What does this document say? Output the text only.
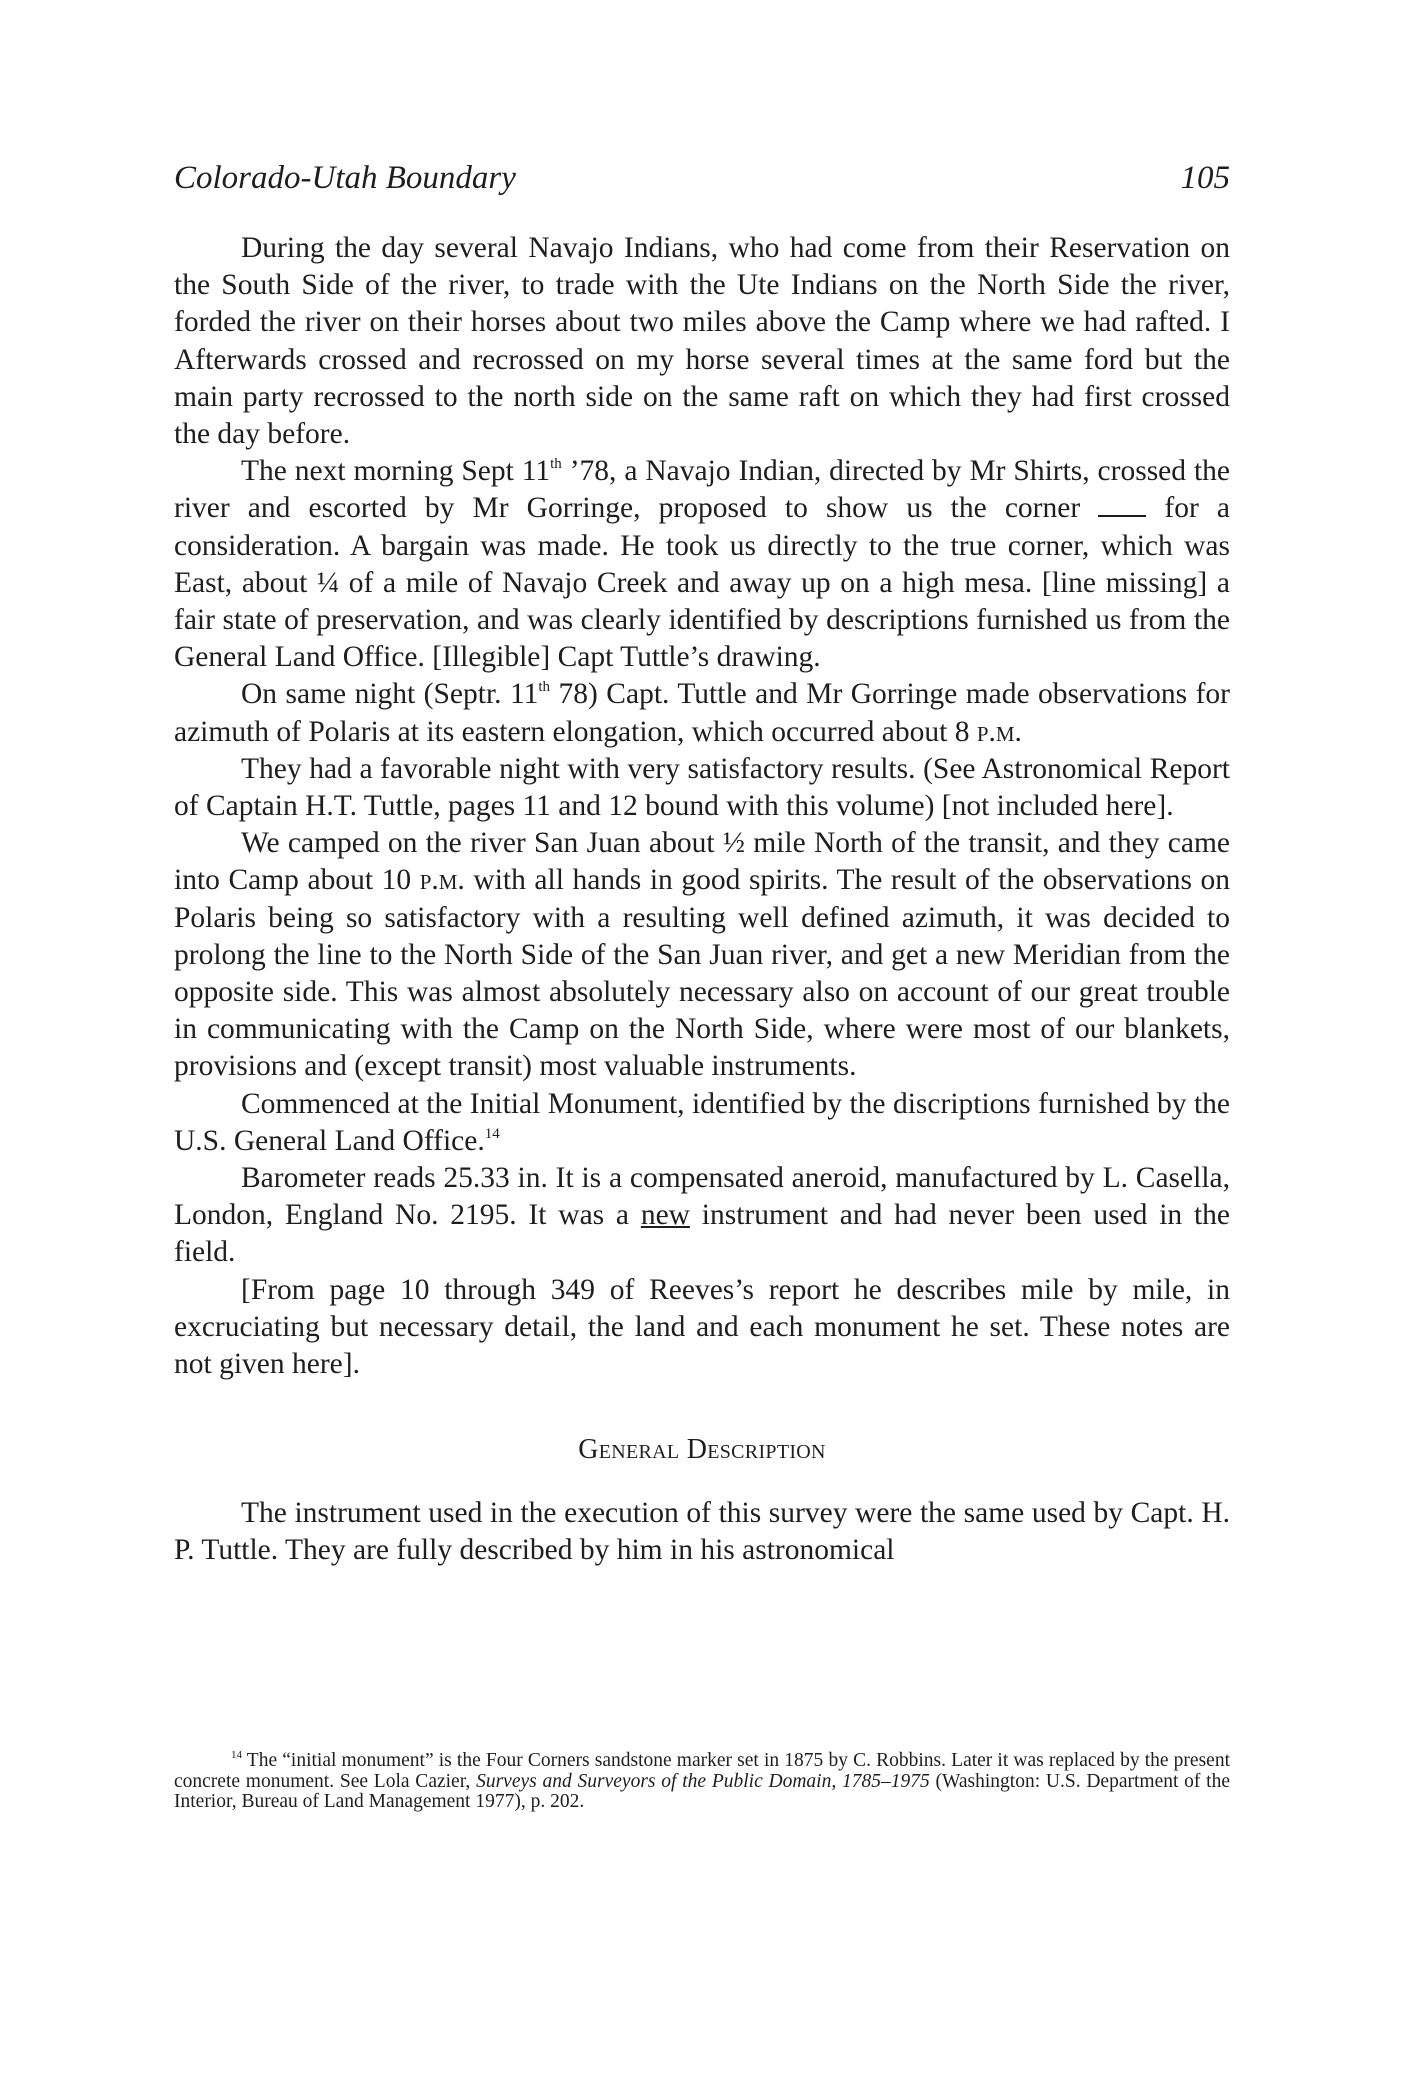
Colorado-Utah Boundary	105

During the day several Navajo Indians, who had come from their Reservation on the South Side of the river, to trade with the Ute Indians on the North Side the river, forded the river on their horses about two miles above the Camp where we had rafted. I Afterwards crossed and recrossed on my horse several times at the same ford but the main party recrossed to the north side on the same raft on which they had first crossed the day before.

The next morning Sept 11th ’78, a Navajo Indian, directed by Mr Shirts, crossed the river and escorted by Mr Gorringe, proposed to show us the corner  for a consideration. A bargain was made. He took us directly to the true corner, which was East, about ¼ of a mile of Navajo Creek and away up on a high mesa. [line missing] a fair state of preservation, and was clearly identified by descriptions furnished us from the General Land Office. [Illegible] Capt Tuttle’s drawing.

On same night (Septr. 11th 78) Capt. Tuttle and Mr Gorringe made observations for azimuth of Polaris at its eastern elongation, which occurred about 8 p.m.

They had a favorable night with very satisfactory results. (See Astronomical Report of Captain H.T. Tuttle, pages 11 and 12 bound with this volume) [not included here].

We camped on the river San Juan about ½ mile North of the transit, and they came into Camp about 10 p.m. with all hands in good spirits. The result of the observations on Polaris being so satisfactory with a resulting well defined azimuth, it was decided to prolong the line to the North Side of the San Juan river, and get a new Meridian from the opposite side. This was almost absolutely necessary also on account of our great trouble in communicating with the Camp on the North Side, where were most of our blankets, provisions and (except transit) most valuable instruments.

Commenced at the Initial Monument, identified by the discriptions furnished by the U.S. General Land Office.$^{14}$

Barometer reads 25.33 in. It is a compensated aneroid, manufactured by L. Casella, London, England No. 2195. It was a new instrument and had never been used in the field.

[From page 10 through 349 of Reeves’s report he describes mile by mile, in excruciating but necessary detail, the land and each monument he set. These notes are not given here].

General Description

The instrument used in the execution of this survey were the same used by Capt. H. P. Tuttle. They are fully described by him in his astronomical

$^{14}$ The “initial monument” is the Four Corners sandstone marker set in 1875 by C. Robbins. Later it was replaced by the present concrete monument. See Lola Cazier, Surveys and Surveyors of the Public Domain, 1785–1975 (Washington: U.S. Department of the Interior, Bureau of Land Management 1977), p. 202.
